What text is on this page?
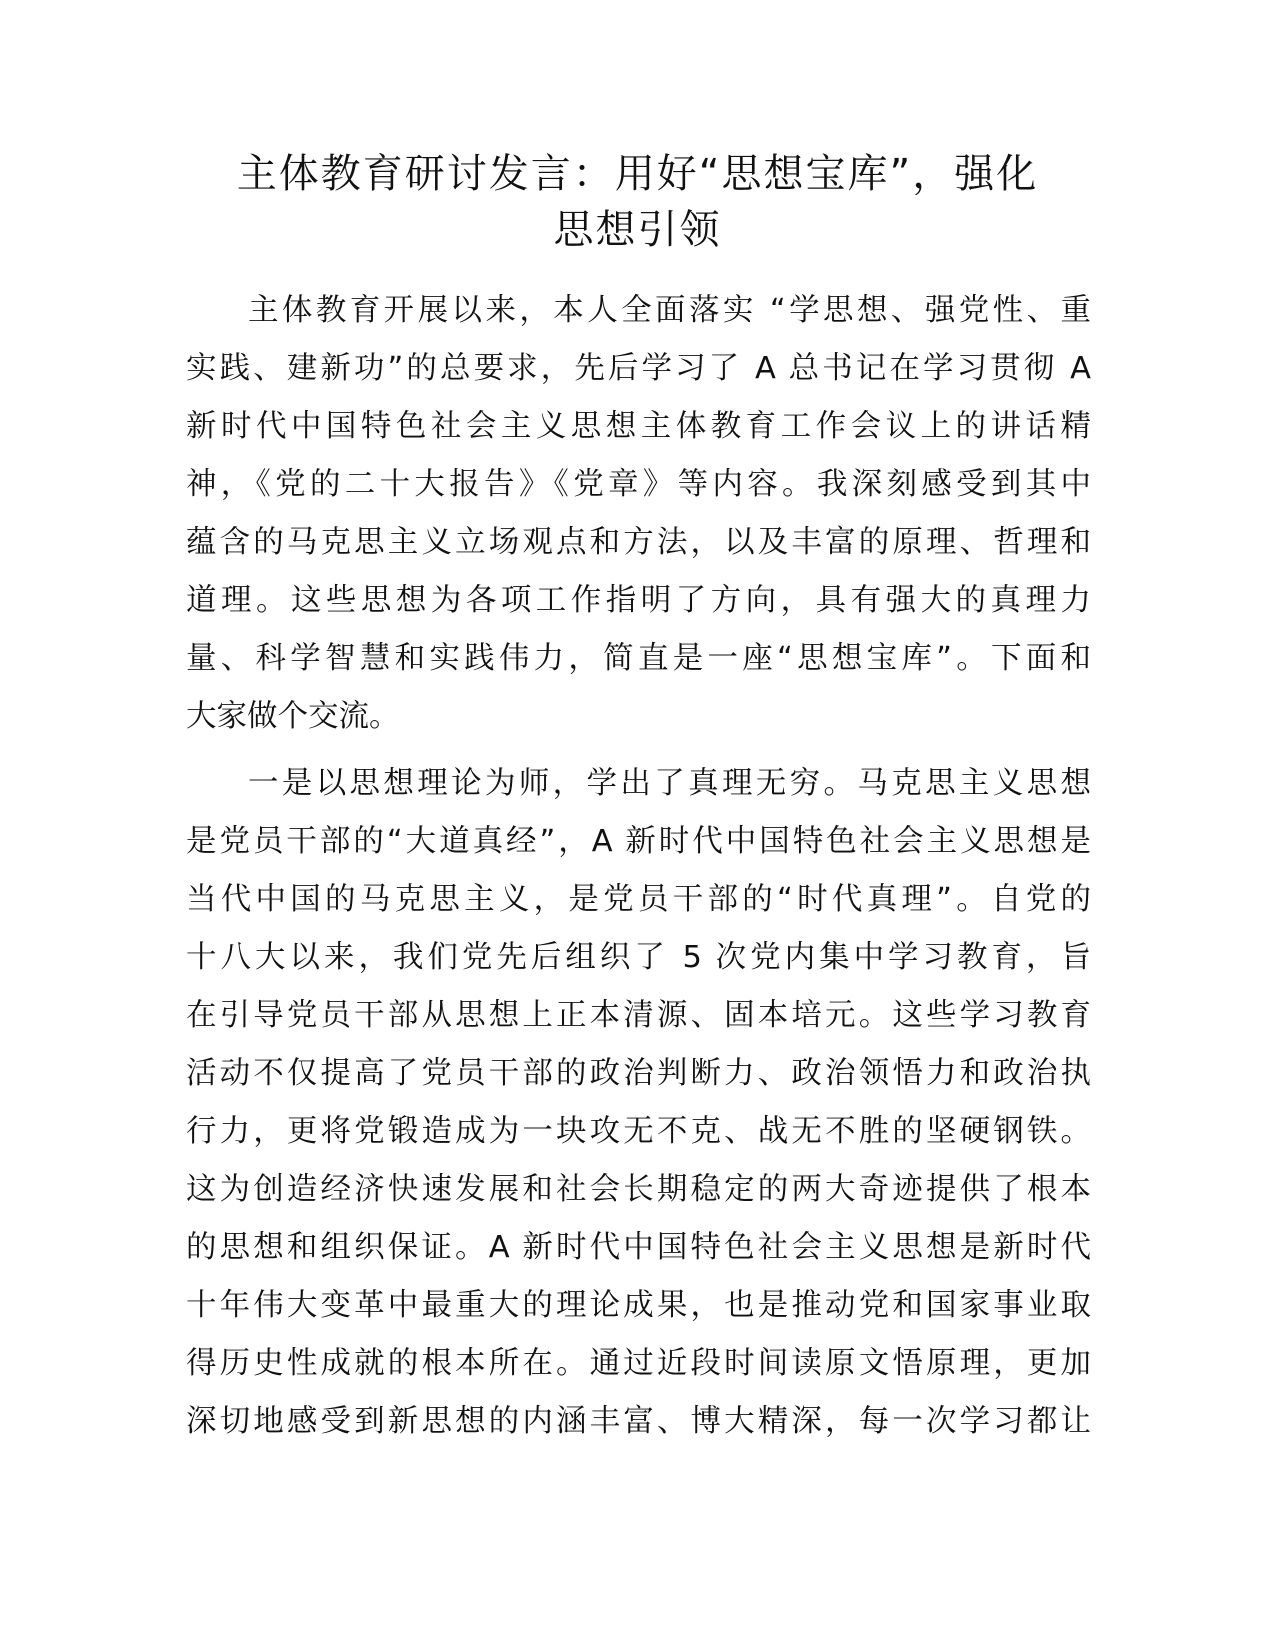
主体教育研讨发言：用好“思想宝库”，强化
思想引领
主体教育开展以来，本人全面落实 “学思想、强党性、重
实践、建新功”的总要求，先后学习了 A 总书记在学习贯彻 A
新时代中国特色社会主义思想主体教育工作会议上的讲话精
神，《党的二十大报告》《党章》等内容。我深刻感受到其中
蕴含的马克思主义立场观点和方法，以及丰富的原理、哲理和
道理。这些思想为各项工作指明了方向，具有强大的真理力
量、科学智慧和实践伟力，简直是一座“思想宝库”。下面和
大家做个交流。
一是以思想理论为师，学出了真理无穷。马克思主义思想
是党员干部的“大道真经”，A 新时代中国特色社会主义思想是
当代中国的马克思主义，是党员干部的“时代真理”。自党的
十八大以来，我们党先后组织了 5 次党内集中学习教育，旨
在引导党员干部从思想上正本清源、固本培元。这些学习教育
活动不仅提高了党员干部的政治判断力、政治领悟力和政治执
行力，更将党锻造成为一块攻无不克、战无不胜的坚硬钢铁。
这为创造经济快速发展和社会长期稳定的两大奇迹提供了根本
的思想和组织保证。A 新时代中国特色社会主义思想是新时代
十年伟大变革中最重大的理论成果，也是推动党和国家事业取
得历史性成就的根本所在。通过近段时间读原文悟原理，更加
深切地感受到新思想的内涵丰富、博大精深，每一次学习都让
